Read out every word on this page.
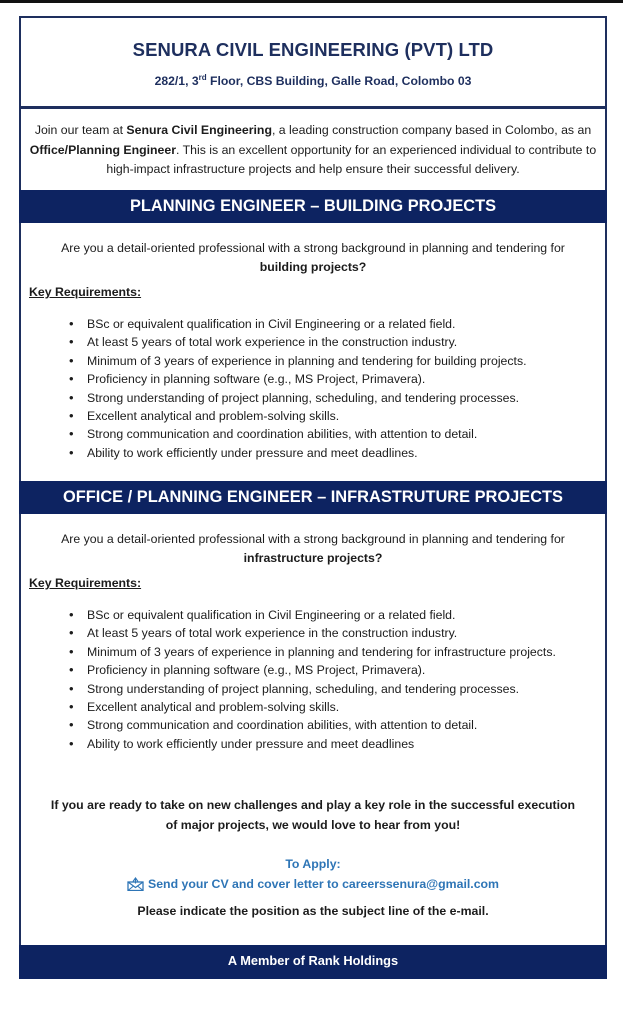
SENURA CIVIL ENGINEERING (PVT) LTD
282/1, 3rd Floor, CBS Building, Galle Road, Colombo 03
Join our team at Senura Civil Engineering, a leading construction company based in Colombo, as an Office/Planning Engineer. This is an excellent opportunity for an experienced individual to contribute to high-impact infrastructure projects and help ensure their successful delivery.
PLANNING ENGINEER – BUILDING PROJECTS
Are you a detail-oriented professional with a strong background in planning and tendering for
building projects?
Key Requirements:
• BSc or equivalent qualification in Civil Engineering or a related field.
• At least 5 years of total work experience in the construction industry.
• Minimum of 3 years of experience in planning and tendering for building projects.
• Proficiency in planning software (e.g., MS Project, Primavera).
• Strong understanding of project planning, scheduling, and tendering processes.
• Excellent analytical and problem-solving skills.
• Strong communication and coordination abilities, with attention to detail.
• Ability to work efficiently under pressure and meet deadlines.
OFFICE / PLANNING ENGINEER – INFRASTRUTURE PROJECTS
Are you a detail-oriented professional with a strong background in planning and tendering for
infrastructure projects?
Key Requirements:
• BSc or equivalent qualification in Civil Engineering or a related field.
• At least 5 years of total work experience in the construction industry.
• Minimum of 3 years of experience in planning and tendering for infrastructure projects.
• Proficiency in planning software (e.g., MS Project, Primavera).
• Strong understanding of project planning, scheduling, and tendering processes.
• Excellent analytical and problem-solving skills.
• Strong communication and coordination abilities, with attention to detail.
• Ability to work efficiently under pressure and meet deadlines
If you are ready to take on new challenges and play a key role in the successful execution of major projects, we would love to hear from you!
To Apply:
Send your CV and cover letter to careerssenura@gmail.com
Please indicate the position as the subject line of the e-mail.
A Member of Rank Holdings
